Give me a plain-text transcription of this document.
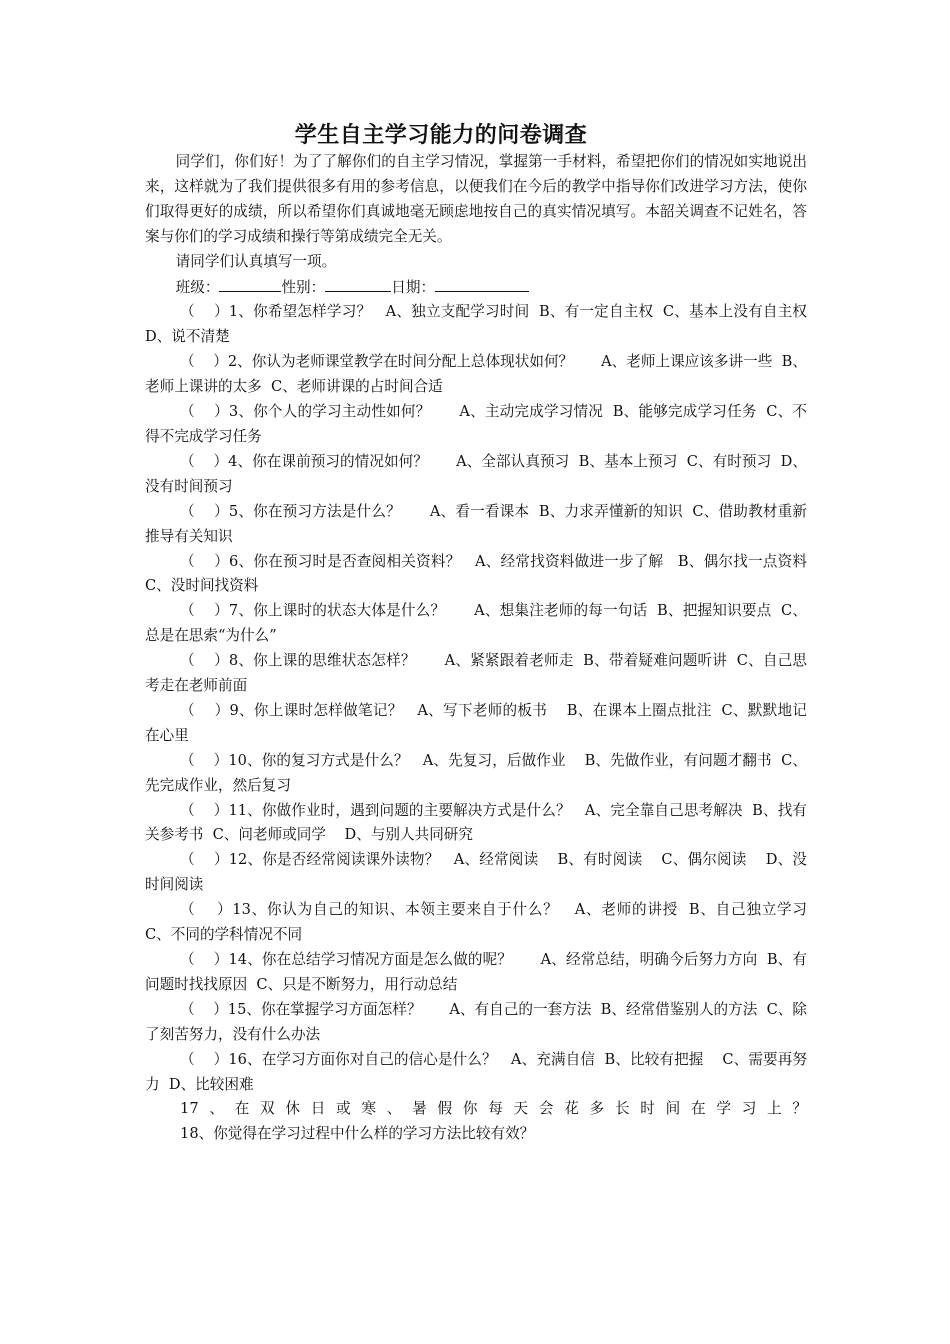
学生自主学习能力的问卷调查

同学们，你们好！为了了解你们的自主学习情况，掌握第一手材料，希望把你们的情况如实地说出来，这样就为了我们提供很多有用的参考信息，以便我们在今后的教学中指导你们改进学习方法，使你们取得更好的成绩，所以希望你们真诚地毫无顾虑地按自己的真实情况填写。本韶关调查不记姓名，答案与你们的学习成绩和操行等第成绩完全无关。

请同学们认真填写一项。

班级：	性别：	日期：

（    ）1、你希望怎样学习？   A、独立支配学习时间  B、有一定自主权  C、基本上没有自主权   D、说不清楚

（    ）2、你认为老师课堂教学在时间分配上总体现状如何？      A、老师上课应该多讲一些  B、老师上课讲的太多  C、老师讲课的占时间合适

（    ）3、你个人的学习主动性如何？      A、主动完成学习情况  B、能够完成学习任务  C、不得不完成学习任务

（    ）4、你在课前预习的情况如何？      A、全部认真预习  B、基本上预习  C、有时预习  D、没有时间预习

（    ）5、你在预习方法是什么？      A、看一看课本  B、力求弄懂新的知识  C、借助教材重新推导有关知识

（    ）6、你在预习时是否查阅相关资料？   A、经常找资料做进一步了解   B、偶尔找一点资料  C、没时间找资料

（    ）7、你上课时的状态大体是什么？      A、想集注老师的每一句话  B、把握知识要点  C、总是在思索“为什么”

（    ）8、你上课的思维状态怎样？      A、紧紧跟着老师走  B、带着疑难问题听讲  C、自己思考走在老师前面

（    ）9、你上课时怎样做笔记？   A、写下老师的板书    B、在课本上圈点批注  C、默默地记在心里

（    ）10、你的复习方式是什么？   A、先复习，后做作业    B、先做作业，有问题才翻书  C、先完成作业，然后复习

（    ）11、你做作业时，遇到问题的主要解决方式是什么？   A、完全靠自己思考解决  B、找有关参考书  C、问老师或同学    D、与别人共同研究

（    ）12、你是否经常阅读课外读物？   A、经常阅读    B、有时阅读    C、偶尔阅读    D、没时间阅读

（    ）13、你认为自己的知识、本领主要来自于什么？   A、老师的讲授  B、自己独立学习  C、不同的学科情况不同

（    ）14、你在总结学习情况方面是怎么做的呢？      A、经常总结，明确今后努力方向  B、有问题时找找原因  C、只是不断努力，用行动总结

（    ）15、你在掌握学习方面怎样？      A、有自己的一套方法  B、经常借鉴别人的方法  C、除了刻苦努力，没有什么办法

（    ）16、在学习方面你对自己的信心是什么？   A、充满自信  B、比较有把握    C、需要再努力  D、比较困难

17、在双休日或寒、暑假你每天会花多长时间在学习上？

18、你觉得在学习过程中什么样的学习方法比较有效？
